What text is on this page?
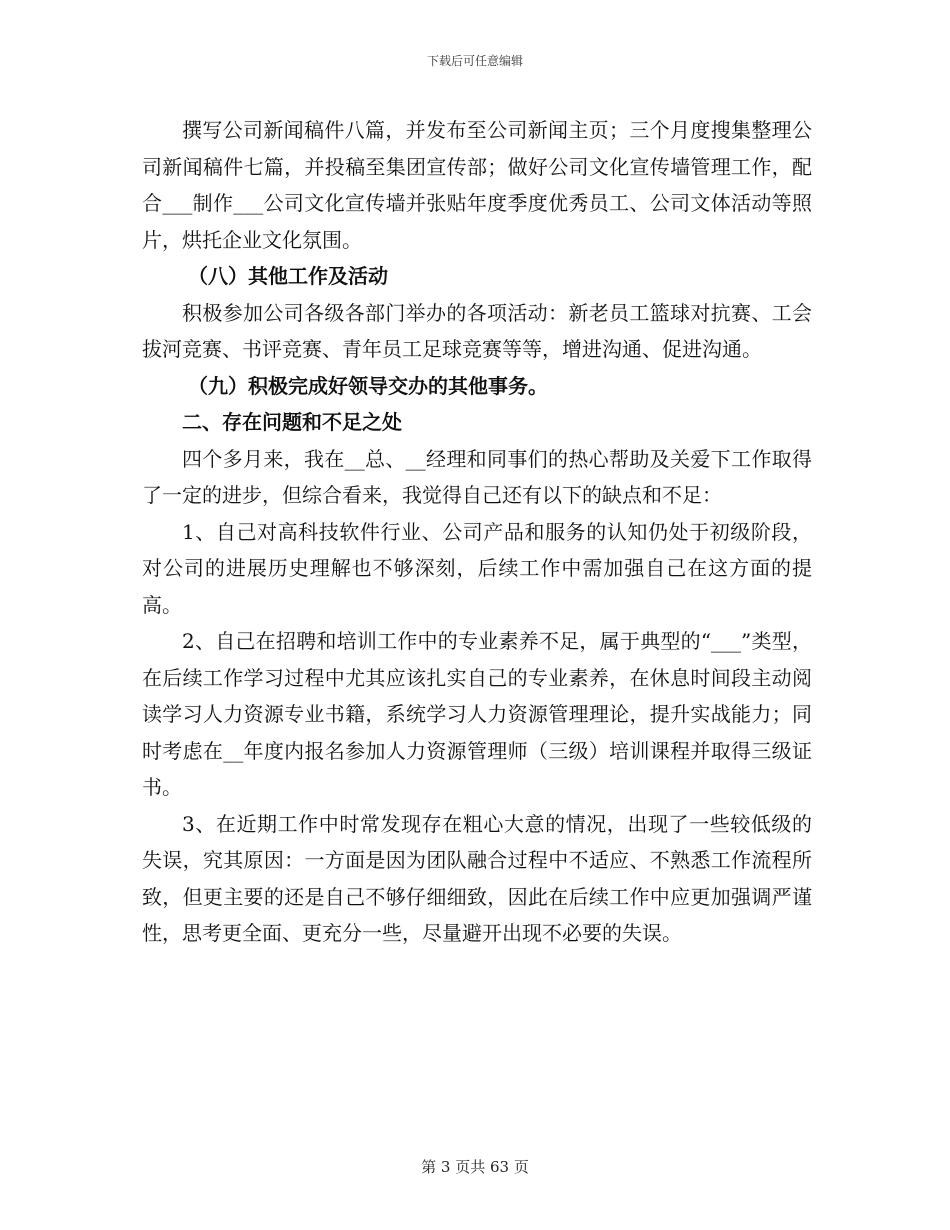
下载后可任意编辑

撰写公司新闻稿件八篇，并发布至公司新闻主页；三个月度搜集整理公司新闻稿件七篇，并投稿至集团宣传部；做好公司文化宣传墙管理工作，配合___制作___公司文化宣传墙并张贴年度季度优秀员工、公司文体活动等照片，烘托企业文化氛围。

（八）其他工作及活动

积极参加公司各级各部门举办的各项活动：新老员工篮球对抗赛、工会拔河竞赛、书评竞赛、青年员工足球竞赛等等，增进沟通、促进沟通。

（九）积极完成好领导交办的其他事务。

二、存在问题和不足之处

四个多月来，我在__总、__经理和同事们的热心帮助及关爱下工作取得了一定的进步，但综合看来，我觉得自己还有以下的缺点和不足：

1、自己对高科技软件行业、公司产品和服务的认知仍处于初级阶段，对公司的进展历史理解也不够深刻，后续工作中需加强自己在这方面的提高。

2、自己在招聘和培训工作中的专业素养不足，属于典型的“___”类型，在后续工作学习过程中尤其应该扎实自己的专业素养，在休息时间段主动阅读学习人力资源专业书籍，系统学习人力资源管理理论，提升实战能力；同时考虑在__年度内报名参加人力资源管理师（三级）培训课程并取得三级证书。

3、在近期工作中时常发现存在粗心大意的情况，出现了一些较低级的失误，究其原因：一方面是因为团队融合过程中不适应、不熟悉工作流程所致，但更主要的还是自己不够仔细细致，因此在后续工作中应更加强调严谨性，思考更全面、更充分一些，尽量避开出现不必要的失误。

第 3 页共 63 页
